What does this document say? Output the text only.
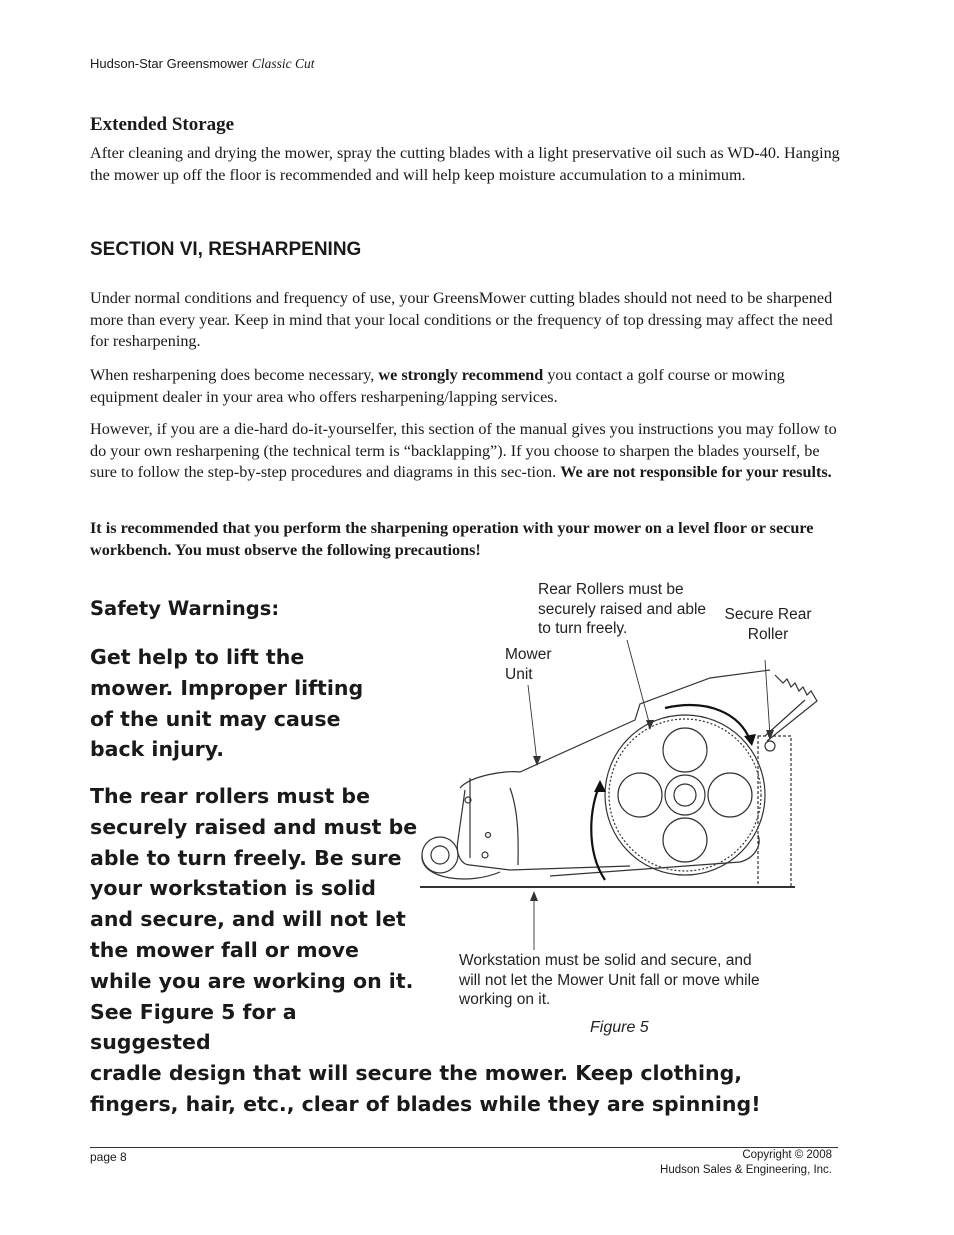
Hudson-Star Greensmower Classic Cut
Extended Storage

After cleaning and drying the mower, spray the cutting blades with a light preservative oil such as WD-40. Hanging the mower up off the floor is recommended and will help keep moisture accumulation to a minimum.

SECTION VI, RESHARPENING

Under normal conditions and frequency of use, your GreensMower cutting blades should not need to be sharpened more than every year. Keep in mind that your local conditions or the frequency of top dressing may affect the need for resharpening.

When resharpening does become necessary, we strongly recommend you contact a golf course or mowing equipment dealer in your area who offers resharpening/lapping services.

However, if you are a die-hard do-it-yourselfer, this section of the manual gives you instructions you may follow to do your own resharpening (the technical term is “backlapping”). If you choose to sharpen the blades yourself, be sure to follow the step-by-step procedures and diagrams in this sec-tion. We are not responsible for your results.

It is recommended that you perform the sharpening operation with your mower on a level floor or secure workbench. You must observe the following precautions!

Safety Warnings:

Get help to lift the mower. Improper lifting of the unit may cause back injury.

The rear rollers must be securely raised and must be able to turn freely. Be sure your workstation is solid and secure, and will not let the mower fall or move while you are working on it. See Figure 5 for a suggested

cradle design that will secure the mower. Keep clothing, fingers, hair, etc., clear of blades while they are spinning!

Rear Rollers must be securely raised and able to turn freely.
Secure Rear Roller
Mower Unit
Workstation must be solid and secure, and will not let the Mower Unit fall or move while working on it.
Figure 5
page 8	Copyright © 2008
Hudson Sales & Engineering, Inc.
